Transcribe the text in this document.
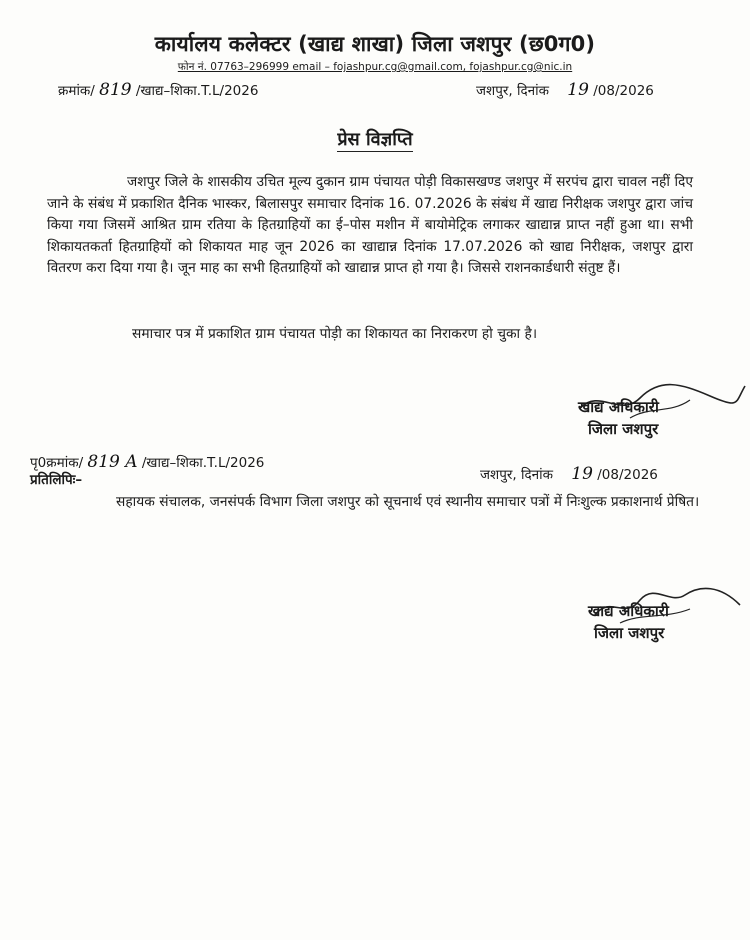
कार्यालय कलेक्टर (खाद्य शाखा) जिला जशपुर (छ0ग0)
फोन नं. 07763–296999 email – fojashpur.cg@gmail.com, fojashpur.cg@nic.in
क्रमांक/ 819 /खाद्य–शिका.T.L/2026	जशपुर, दिनांक 19 /08/2026
प्रेस विज्ञप्ति
जशपुर जिले के शासकीय उचित मूल्य दुकान ग्राम पंचायत पोड़ी विकासखण्ड जशपुर में सरपंच द्वारा चावल नहीं दिए जाने के संबंध में प्रकाशित दैनिक भास्कर, बिलासपुर समाचार दिनांक 16. 07.2026 के संबंध में खाद्य निरीक्षक जशपुर द्वारा जांच किया गया जिसमें आश्रित ग्राम रतिया के हितग्राहियों का ई–पोस मशीन में बायोमेट्रिक लगाकर खाद्यान्न प्राप्त नहीं हुआ था। सभी शिकायतकर्ता हितग्राहियों को शिकायत माह जून 2026 का खाद्यान्न दिनांक 17.07.2026 को खाद्य निरीक्षक, जशपुर द्वारा वितरण करा दिया गया है। जून माह का सभी हितग्राहियों को खाद्यान्न प्राप्त हो गया है। जिससे राशनकार्डधारी संतुष्ट हैं।
समाचार पत्र में प्रकाशित ग्राम पंचायत पोड़ी का शिकायत का निराकरण हो चुका है।
खाद्य अधिकारी
जिला जशपुर
पृ0क्रमांक/ 819 A /खाद्य–शिका.T.L/2026
प्रतिलिपिः–	जशपुर, दिनांक 19 /08/2026
सहायक संचालक, जनसंपर्क विभाग जिला जशपुर को सूचनार्थ एवं स्थानीय समाचार पत्रों में निःशुल्क प्रकाशनार्थ प्रेषित।
खाद्य अधिकारी
जिला जशपुर
